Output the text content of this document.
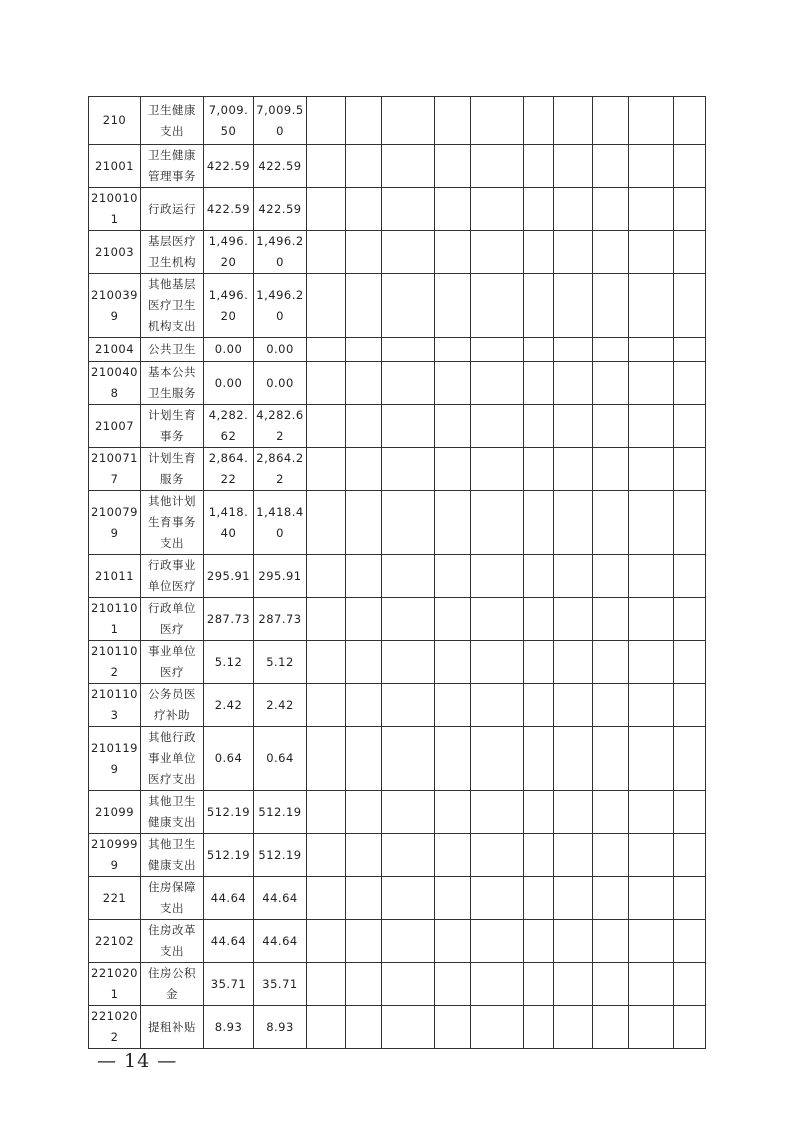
210	卫生健康支出	7,009.50	7,009.50										
21001	卫生健康管理事务	422.59	422.59										
2100101	行政运行	422.59	422.59										
21003	基层医疗卫生机构	1,496.20	1,496.20										
2100399	其他基层医疗卫生机构支出	1,496.20	1,496.20										
21004	公共卫生	0.00	0.00										
2100408	基本公共卫生服务	0.00	0.00										
21007	计划生育事务	4,282.62	4,282.62										
2100717	计划生育服务	2,864.22	2,864.22										
2100799	其他计划生育事务支出	1,418.40	1,418.40										
21011	行政事业单位医疗	295.91	295.91										
2101101	行政单位医疗	287.73	287.73										
2101102	事业单位医疗	5.12	5.12										
2101103	公务员医疗补助	2.42	2.42										
2101199	其他行政事业单位医疗支出	0.64	0.64										
21099	其他卫生健康支出	512.19	512.19										
2109999	其他卫生健康支出	512.19	512.19										
221	住房保障支出	44.64	44.64										
22102	住房改革支出	44.64	44.64										
2210201	住房公积金	35.71	35.71										
2210202	提租补贴	8.93	8.93										
— 14 —
